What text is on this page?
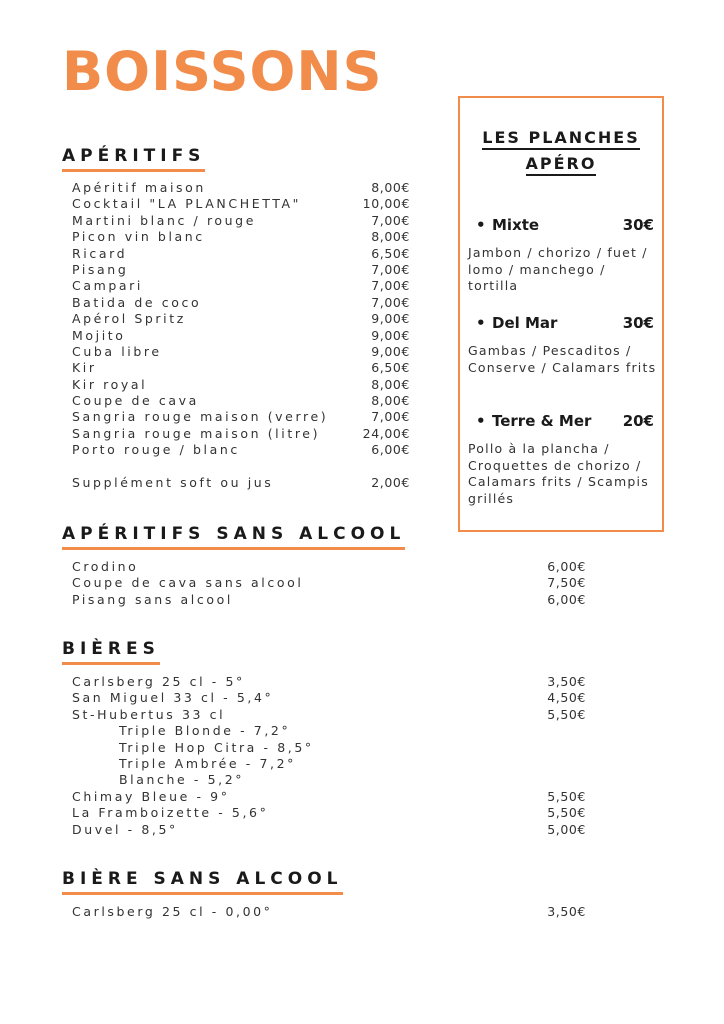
BOISSONS
APÉRITIFS
Apéritif maison	8,00€
Cocktail "LA PLANCHETTA"	10,00€
Martini blanc / rouge	7,00€
Picon vin blanc	8,00€
Ricard	6,50€
Pisang	7,00€
Campari	7,00€
Batida de coco	7,00€
Apérol Spritz	9,00€
Mojito	9,00€
Cuba libre	9,00€
Kir	6,50€
Kir royal	8,00€
Coupe de cava	8,00€
Sangria rouge maison (verre)	7,00€
Sangria rouge maison (litre)	24,00€
Porto rouge / blanc	6,00€
Supplément soft ou jus	2,00€
APÉRITIFS SANS ALCOOL
Crodino	6,00€
Coupe de cava sans alcool	7,50€
Pisang sans alcool	6,00€
BIÈRES
Carlsberg 25 cl - 5°	3,50€
San Miguel 33 cl - 5,4°	4,50€
St-Hubertus 33 cl	5,50€
Triple Blonde - 7,2°
Triple Hop Citra - 8,5°
Triple Ambrée - 7,2°
Blanche - 5,2°
Chimay Bleue - 9°	5,50€
La Framboizette - 5,6°	5,50€
Duvel - 8,5°	5,00€
BIÈRE SANS ALCOOL
Carlsberg 25 cl - 0,00°	3,50€
LES PLANCHES
APÉRO
• Mixte	30€
Jambon / chorizo / fuet / lomo / manchego / tortilla
• Del Mar	30€
Gambas / Pescaditos / Conserve / Calamars frits
• Terre & Mer 20€
Pollo à la plancha / Croquettes de chorizo / Calamars frits / Scampis grillés
